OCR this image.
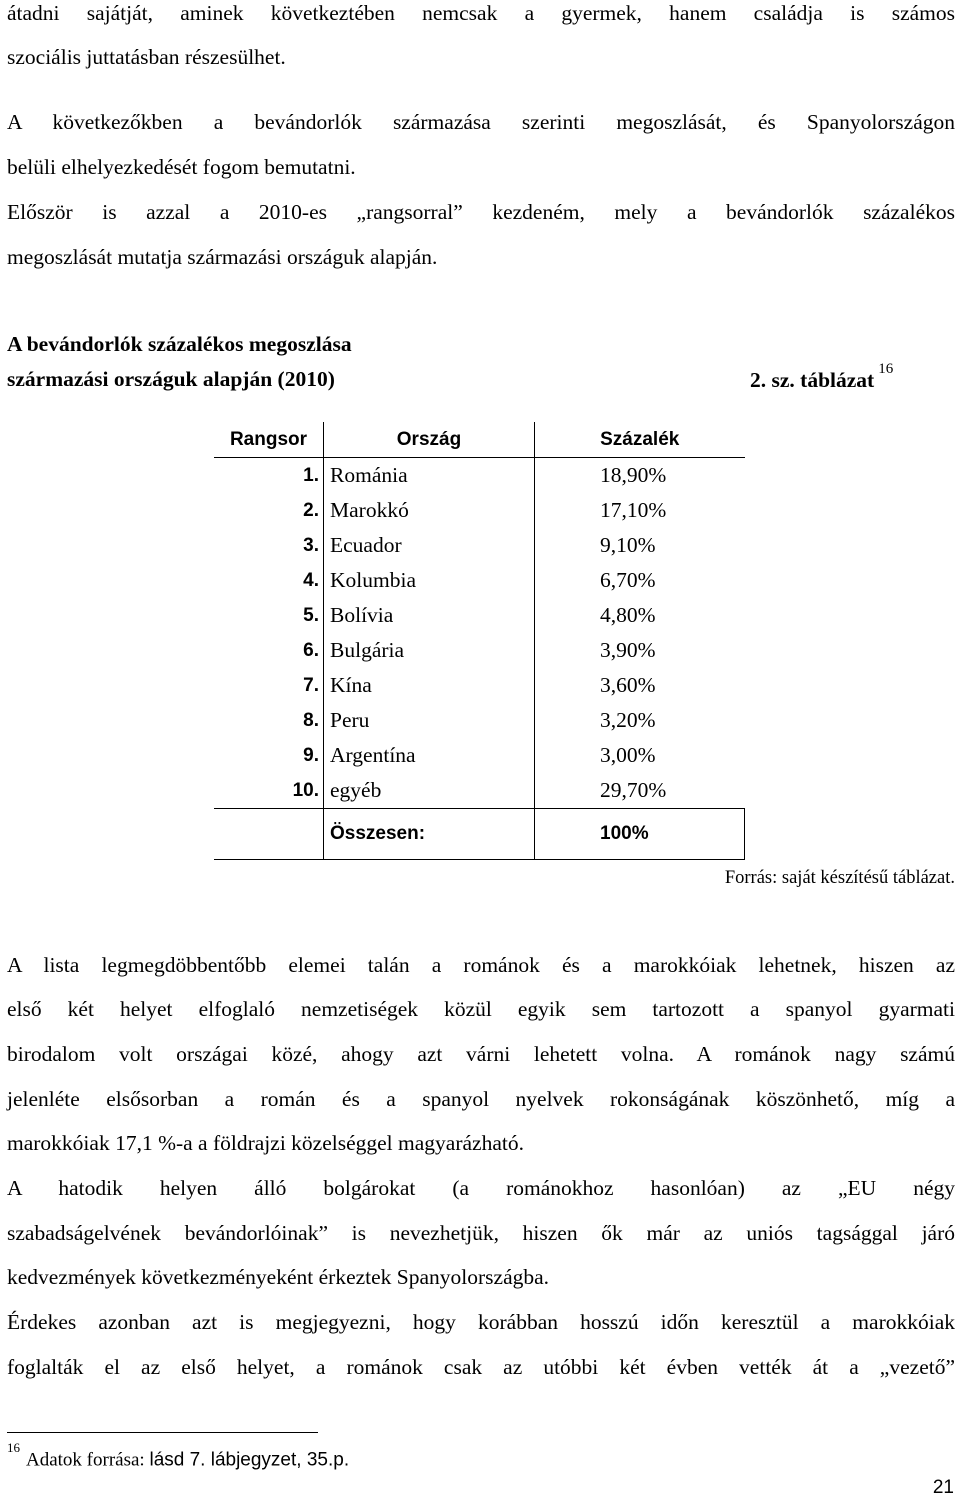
átadni sajátját, aminek következtében nemcsak a gyermek, hanem családja is számos

szociális juttatásban részesülhet.

A következőkben a bevándorlók származása szerinti megoszlását, és Spanyolországon

belüli elhelyezkedését fogom bemutatni.

Először is azzal a 2010-es „rangsorral” kezdeném, mely a bevándorlók százalékos

megoszlását mutatja származási országuk alapján.

A bevándorlók százalékos megoszlása
származási országuk alapján (2010)	2. sz. táblázat $^{16}$
Rangsor	Ország	Százalék
1.	Románia	18,90%
2.	Marokkó	17,10%
3.	Ecuador	9,10%
4.	Kolumbia	6,70%
5.	Bolívia	4,80%
6.	Bulgária	3,90%
7.	Kína	3,60%
8.	Peru	3,20%
9.	Argentína	3,00%
10.	egyéb	29,70%
	Összesen:	100%
Forrás: saját készítésű táblázat.

A lista legmegdöbbentőbb elemei talán a románok és a marokkóiak lehetnek, hiszen az

első két helyet elfoglaló nemzetiségek közül egyik sem tartozott a spanyol gyarmati

birodalom volt országai közé, ahogy azt várni lehetett volna. A románok nagy számú

jelenléte elsősorban a román és a spanyol nyelvek rokonságának köszönhető, míg a

marokkóiak 17,1 %-a a földrajzi közelséggel magyarázható.

A hatodik helyen álló bolgárokat (a románokhoz hasonlóan) az „EU négy

szabadságelvének bevándorlóinak” is nevezhetjük, hiszen ők már az uniós tagsággal járó

kedvezmények következményeként érkeztek Spanyolországba.

Érdekes azonban azt is megjegyezni, hogy korábban hosszú időn keresztül a marokkóiak

foglalták el az első helyet, a románok csak az utóbbi két évben vették át a „vezető”

$^{16}$Adatok forrása: lásd 7. lábjegyzet, 35.p.
21
